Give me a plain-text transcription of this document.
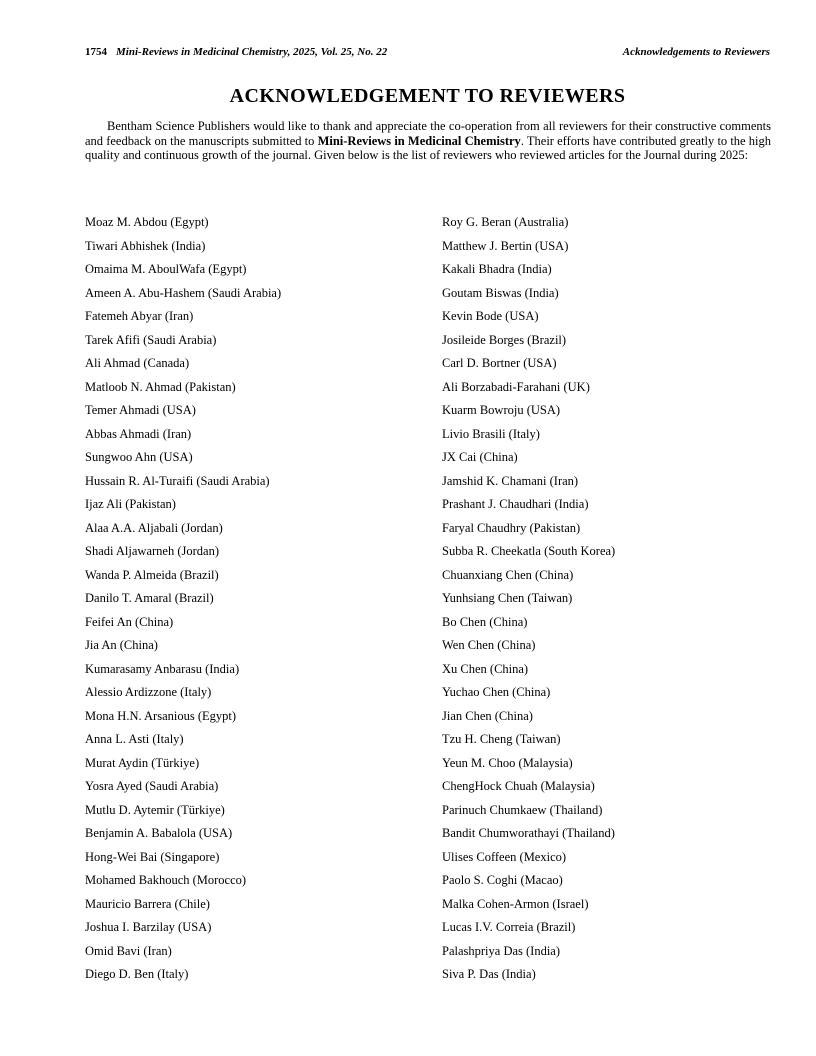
1754 Mini-Reviews in Medicinal Chemistry, 2025, Vol. 25, No. 22	Acknowledgements to Reviewers
ACKNOWLEDGEMENT TO REVIEWERS
Bentham Science Publishers would like to thank and appreciate the co-operation from all reviewers for their constructive comments and feedback on the manuscripts submitted to Mini-Reviews in Medicinal Chemistry. Their efforts have contributed greatly to the high quality and continuous growth of the journal. Given below is the list of reviewers who reviewed articles for the Journal during 2025:
Moaz M. Abdou (Egypt)
Tiwari Abhishek (India)
Omaima M. AboulWafa (Egypt)
Ameen A. Abu-Hashem (Saudi Arabia)
Fatemeh Abyar (Iran)
Tarek Afifi (Saudi Arabia)
Ali Ahmad (Canada)
Matloob N. Ahmad (Pakistan)
Temer Ahmadi (USA)
Abbas Ahmadi (Iran)
Sungwoo Ahn (USA)
Hussain R. Al-Turaifi (Saudi Arabia)
Ijaz Ali (Pakistan)
Alaa A.A. Aljabali (Jordan)
Shadi Aljawarneh (Jordan)
Wanda P. Almeida (Brazil)
Danilo T. Amaral (Brazil)
Feifei An (China)
Jia An (China)
Kumarasamy Anbarasu (India)
Alessio Ardizzone (Italy)
Mona H.N. Arsanious (Egypt)
Anna L. Asti (Italy)
Murat Aydin (Türkiye)
Yosra Ayed (Saudi Arabia)
Mutlu D. Aytemir (Türkiye)
Benjamin A. Babalola (USA)
Hong-Wei Bai (Singapore)
Mohamed Bakhouch (Morocco)
Mauricio Barrera (Chile)
Joshua I. Barzilay (USA)
Omid Bavi (Iran)
Diego D. Ben (Italy)
Roy G. Beran (Australia)
Matthew J. Bertin (USA)
Kakali Bhadra (India)
Goutam Biswas (India)
Kevin Bode (USA)
Josileide Borges (Brazil)
Carl D. Bortner (USA)
Ali Borzabadi-Farahani (UK)
Kuarm Bowroju (USA)
Livio Brasili (Italy)
JX Cai (China)
Jamshid K. Chamani (Iran)
Prashant J. Chaudhari (India)
Faryal Chaudhry (Pakistan)
Subba R. Cheekatla (South Korea)
Chuanxiang Chen (China)
Yunhsiang Chen (Taiwan)
Bo Chen (China)
Wen Chen (China)
Xu Chen (China)
Yuchao Chen (China)
Jian Chen (China)
Tzu H. Cheng (Taiwan)
Yeun M. Choo (Malaysia)
ChengHock Chuah (Malaysia)
Parinuch Chumkaew (Thailand)
Bandit Chumworathayi (Thailand)
Ulises Coffeen (Mexico)
Paolo S. Coghi (Macao)
Malka Cohen-Armon (Israel)
Lucas I.V. Correia (Brazil)
Palashpriya Das (India)
Siva P. Das (India)
